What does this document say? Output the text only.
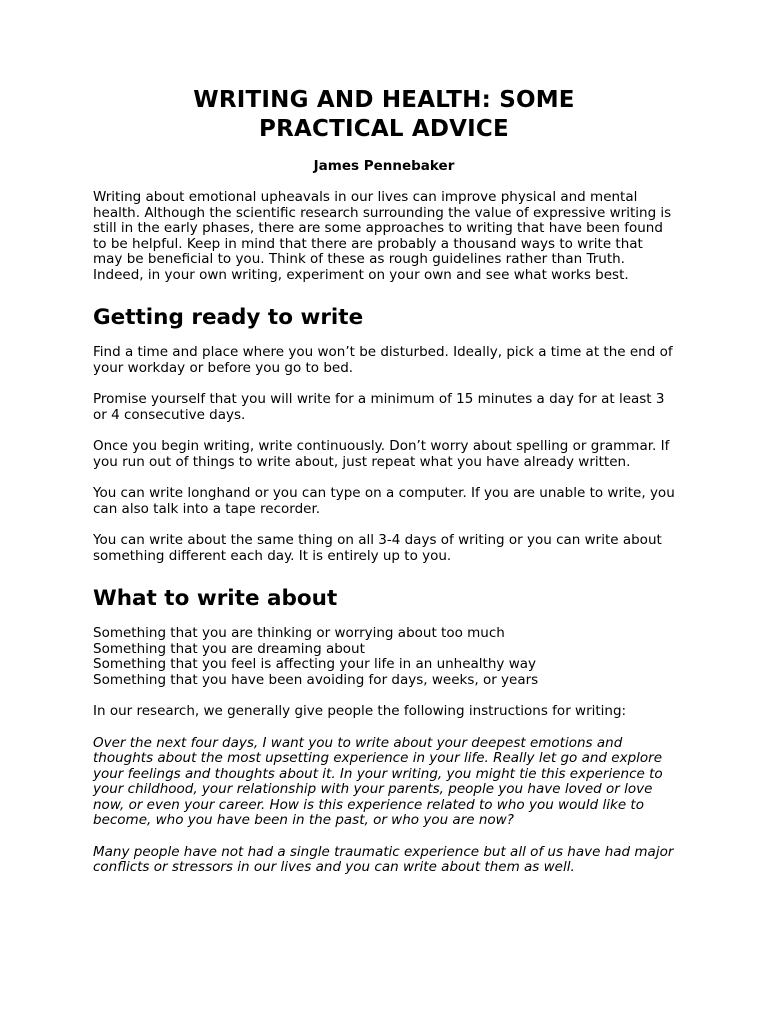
WRITING AND HEALTH: SOME
PRACTICAL ADVICE

James Pennebaker

Writing about emotional upheavals in our lives can improve physical and mental health. Although the scientific research surrounding the value of expressive writing is still in the early phases, there are some approaches to writing that have been found to be helpful. Keep in mind that there are probably a thousand ways to write that may be beneficial to you. Think of these as rough guidelines rather than Truth. Indeed, in your own writing, experiment on your own and see what works best.

Getting ready to write

Find a time and place where you won’t be disturbed. Ideally, pick a time at the end of your workday or before you go to bed.

Promise yourself that you will write for a minimum of 15 minutes a day for at least 3 or 4 consecutive days.

Once you begin writing, write continuously. Don’t worry about spelling or grammar. If you run out of things to write about, just repeat what you have already written.

You can write longhand or you can type on a computer. If you are unable to write, you can also talk into a tape recorder.

You can write about the same thing on all 3-4 days of writing or you can write about something different each day. It is entirely up to you.

What to write about
Something that you are thinking or worrying about too much
Something that you are dreaming about
Something that you feel is affecting your life in an unhealthy way
Something that you have been avoiding for days, weeks, or years

In our research, we generally give people the following instructions for writing:

Over the next four days, I want you to write about your deepest emotions and thoughts about the most upsetting experience in your life. Really let go and explore your feelings and thoughts about it. In your writing, you might tie this experience to your childhood, your relationship with your parents, people you have loved or love now, or even your career. How is this experience related to who you would like to become, who you have been in the past, or who you are now?

Many people have not had a single traumatic experience but all of us have had major conflicts or stressors in our lives and you can write about them as well.
